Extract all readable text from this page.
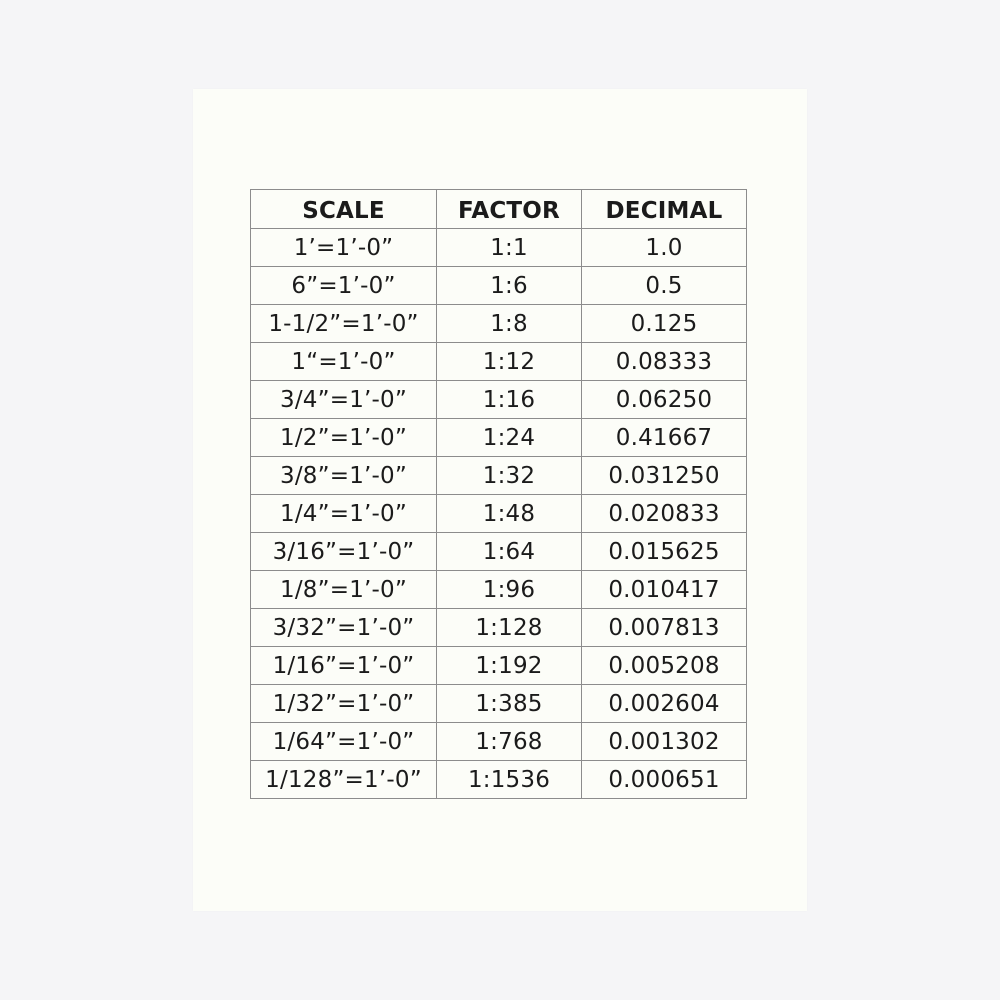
SCALE	FACTOR	DECIMAL
1’=1’-0”	1:1	1.0
6”=1’-0”	1:6	0.5
1-1/2”=1’-0”	1:8	0.125
1“=1’-0”	1:12	0.08333
3/4”=1’-0”	1:16	0.06250
1/2”=1’-0”	1:24	0.41667
3/8”=1’-0”	1:32	0.031250
1/4”=1’-0”	1:48	0.020833
3/16”=1’-0”	1:64	0.015625
1/8”=1’-0”	1:96	0.010417
3/32”=1’-0”	1:128	0.007813
1/16”=1’-0”	1:192	0.005208
1/32”=1’-0”	1:385	0.002604
1/64”=1’-0”	1:768	0.001302
1/128”=1’-0”	1:1536	0.000651
